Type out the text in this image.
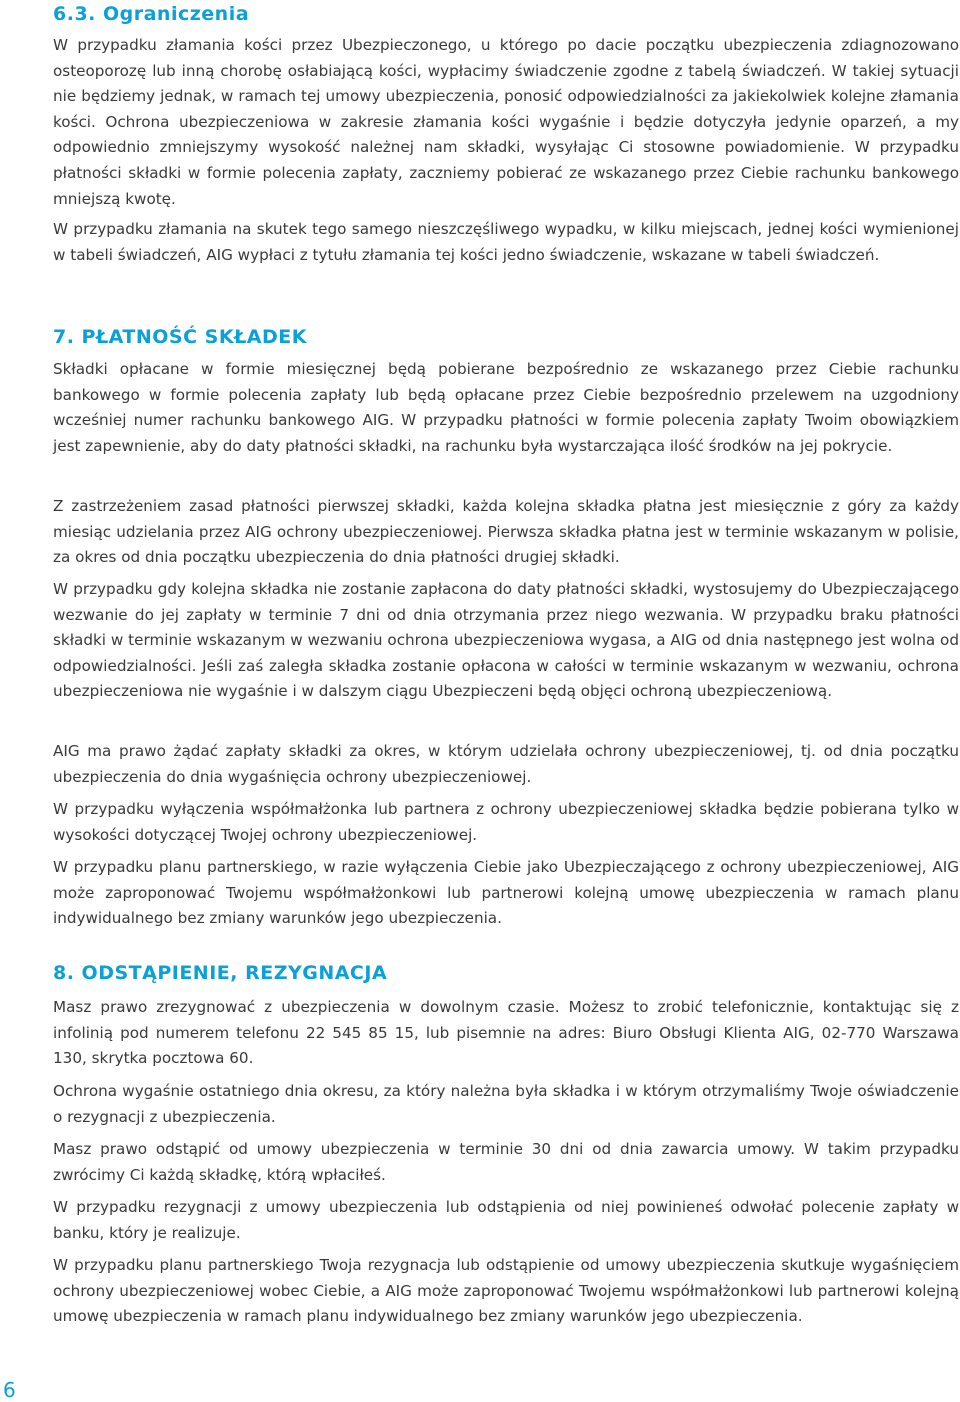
6.3. Ograniczenia

W przypadku złamania kości przez Ubezpieczonego, u którego po dacie początku ubezpieczenia zdiagnozowano osteoporozę lub inną chorobę osłabiającą kości, wypłacimy świadczenie zgodne z tabelą świadczeń. W takiej sytuacji nie będziemy jednak, w ramach tej umowy ubezpieczenia, ponosić odpowiedzialności za jakiekolwiek kolejne złamania kości. Ochrona ubezpieczeniowa w zakresie złamania kości wygaśnie i będzie dotyczyła jedynie oparzeń, a my odpowiednio zmniejszymy wysokość należnej nam składki, wysyłając Ci stosowne powiadomienie. W przypadku płatności składki w formie polecenia zapłaty, zaczniemy pobierać ze wskazanego przez Ciebie rachunku bankowego mniejszą kwotę.

W przypadku złamania na skutek tego samego nieszczęśliwego wypadku, w kilku miejscach, jednej kości wymienionej w tabeli świadczeń, AIG wypłaci z tytułu złamania tej kości jedno świadczenie, wskazane w tabeli świadczeń.

7. PŁATNOŚĆ SKŁADEK

Składki opłacane w formie miesięcznej będą pobierane bezpośrednio ze wskazanego przez Ciebie rachunku bankowego w formie polecenia zapłaty lub będą opłacane przez Ciebie bezpośrednio przelewem na uzgodniony wcześniej numer rachunku bankowego AIG. W przypadku płatności w formie polecenia zapłaty Twoim obowiązkiem jest zapewnienie, aby do daty płatności składki, na rachunku była wystarczająca ilość środków na jej pokrycie.

Z zastrzeżeniem zasad płatności pierwszej składki, każda kolejna składka płatna jest miesięcznie z góry za każdy miesiąc udzielania przez AIG ochrony ubezpieczeniowej. Pierwsza składka płatna jest w terminie wskazanym w polisie, za okres od dnia początku ubezpieczenia do dnia płatności drugiej składki.

W przypadku gdy kolejna składka nie zostanie zapłacona do daty płatności składki, wystosujemy do Ubezpieczającego wezwanie do jej zapłaty w terminie 7 dni od dnia otrzymania przez niego wezwania. W przypadku braku płatności składki w terminie wskazanym w wezwaniu ochrona ubezpieczeniowa wygasa, a AIG od dnia następnego jest wolna od odpowiedzialności. Jeśli zaś zaległa składka zostanie opłacona w całości w terminie wskazanym w wezwaniu, ochrona ubezpieczeniowa nie wygaśnie i w dalszym ciągu Ubezpieczeni będą objęci ochroną ubezpieczeniową.

AIG ma prawo żądać zapłaty składki za okres, w którym udzielała ochrony ubezpieczeniowej, tj. od dnia początku ubezpieczenia do dnia wygaśnięcia ochrony ubezpieczeniowej.

W przypadku wyłączenia współmałżonka lub partnera z ochrony ubezpieczeniowej składka będzie pobierana tylko w wysokości dotyczącej Twojej ochrony ubezpieczeniowej.

W przypadku planu partnerskiego, w razie wyłączenia Ciebie jako Ubezpieczającego z ochrony ubezpieczeniowej, AIG może zaproponować Twojemu współmałżonkowi lub partnerowi kolejną umowę ubezpieczenia w ramach planu indywidualnego bez zmiany warunków jego ubezpieczenia.

8. ODSTĄPIENIE, REZYGNACJA

Masz prawo zrezygnować z ubezpieczenia w dowolnym czasie. Możesz to zrobić telefonicznie, kontaktując się z infolinią pod numerem telefonu 22 545 85 15, lub pisemnie na adres: Biuro Obsługi Klienta AIG, 02-770 Warszawa 130, skrytka pocztowa 60.

Ochrona wygaśnie ostatniego dnia okresu, za który należna była składka i w którym otrzymaliśmy Twoje oświadczenie o rezygnacji z ubezpieczenia.

Masz prawo odstąpić od umowy ubezpieczenia w terminie 30 dni od dnia zawarcia umowy. W takim przypadku zwrócimy Ci każdą składkę, którą wpłaciłeś.

W przypadku rezygnacji z umowy ubezpieczenia lub odstąpienia od niej powinieneś odwołać polecenie zapłaty w banku, który je realizuje.

W przypadku planu partnerskiego Twoja rezygnacja lub odstąpienie od umowy ubezpieczenia skutkuje wygaśnięciem ochrony ubezpieczeniowej wobec Ciebie, a AIG może zaproponować Twojemu współmałżonkowi lub partnerowi kolejną umowę ubezpieczenia w ramach planu indywidualnego bez zmiany warunków jego ubezpieczenia.

6
